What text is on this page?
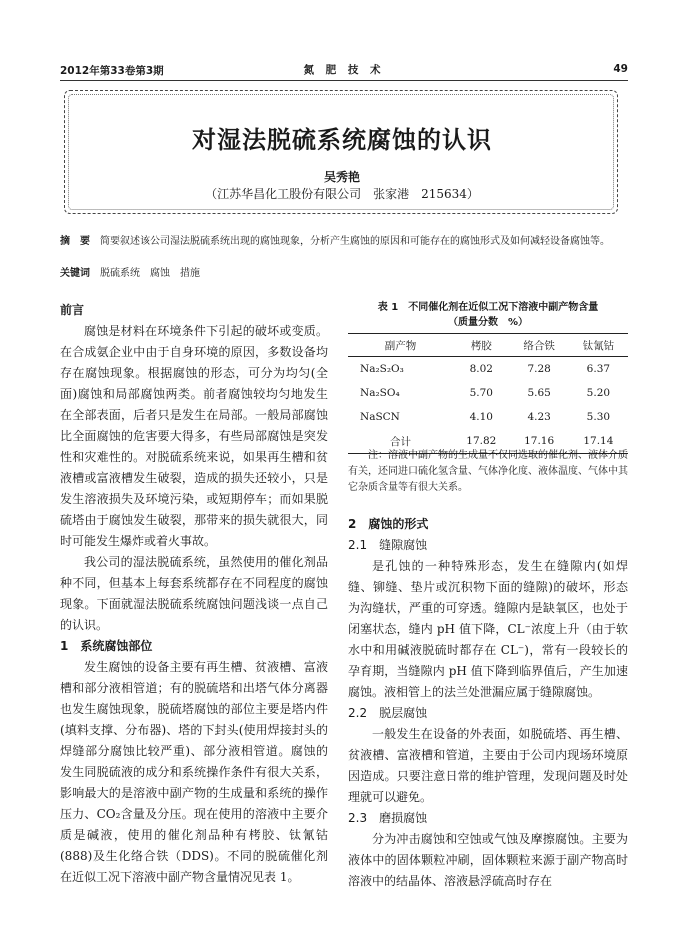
2012年第33卷第3期	氮 肥 技 术	49
对湿法脱硫系统腐蚀的认识
吴秀艳
（江苏华昌化工股份有限公司　张家港　215634）
摘　要 简要叙述该公司湿法脱硫系统出现的腐蚀现象，分析产生腐蚀的原因和可能存在的腐蚀形式及如何减轻设备腐蚀等。
关键词 脱硫系统 腐蚀 措施

前言

腐蚀是材料在环境条件下引起的破坏或变质。在合成氨企业中由于自身环境的原因，多数设备均存在腐蚀现象。根据腐蚀的形态，可分为均匀(全面)腐蚀和局部腐蚀两类。前者腐蚀较均匀地发生在全部表面，后者只是发生在局部。一般局部腐蚀比全面腐蚀的危害要大得多，有些局部腐蚀是突发性和灾难性的。对脱硫系统来说，如果再生槽和贫液槽或富液槽发生破裂，造成的损失还较小，只是发生溶液损失及环境污染，或短期停车；而如果脱硫塔由于腐蚀发生破裂，那带来的损失就很大，同时可能发生爆炸或着火事故。

我公司的湿法脱硫系统，虽然使用的催化剂品种不同，但基本上每套系统都存在不同程度的腐蚀现象。下面就湿法脱硫系统腐蚀问题浅谈一点自己的认识。

1　系统腐蚀部位

发生腐蚀的设备主要有再生槽、贫液槽、富液槽和部分液相管道；有的脱硫塔和出塔气体分离器也发生腐蚀现象，脱硫塔腐蚀的部位主要是塔内件(填料支撑、分布器)、塔的下封头(使用焊接封头的焊缝部分腐蚀比较严重)、部分液相管道。腐蚀的发生同脱硫液的成分和系统操作条件有很大关系，影响最大的是溶液中副产物的生成量和系统的操作压力、CO₂含量及分压。现在使用的溶液中主要介质是碱液，使用的催化剂品种有栲胶、钛氰钴(888)及生化络合铁（DDS)。不同的脱硫催化剂在近似工况下溶液中副产物含量情况见表 1。

表 1　不同催化剂在近似工况下溶液中副产物含量
（质量分数　%）
副产物	栲胶	络合铁	钛氰钴
Na₂S₂O₃	8.02	7.28	6.37
Na₂SO₄	5.70	5.65	5.20
NaSCN	4.10	4.23	5.30
合计	17.82	17.16	17.14
注：溶液中副产物的生成量不仅同选取的催化剂、液体介质有关，还同进口硫化氢含量、气体净化度、液体温度、气体中其它杂质含量等有很大关系。

2　腐蚀的形式

2.1　缝隙腐蚀

是孔蚀的一种特殊形态，发生在缝隙内(如焊缝、铆缝、垫片或沉积物下面的缝隙)的破坏，形态为沟缝状，严重的可穿透。缝隙内是缺氧区，也处于闭塞状态，缝内 pH 值下降，CL⁻浓度上升（由于软水中和用碱液脱硫时都存在 CL⁻)，常有一段较长的孕育期，当缝隙内 pH 值下降到临界值后，产生加速腐蚀。液相管上的法兰处泄漏应属于缝隙腐蚀。

2.2　脱层腐蚀

一般发生在设备的外表面，如脱硫塔、再生槽、贫液槽、富液槽和管道，主要由于公司内现场环境原因造成。只要注意日常的维护管理，发现问题及时处理就可以避免。

2.3　磨损腐蚀

分为冲击腐蚀和空蚀或气蚀及摩擦腐蚀。主要为液体中的固体颗粒冲刷，固体颗粒来源于副产物高时溶液中的结晶体、溶液悬浮硫高时存在
